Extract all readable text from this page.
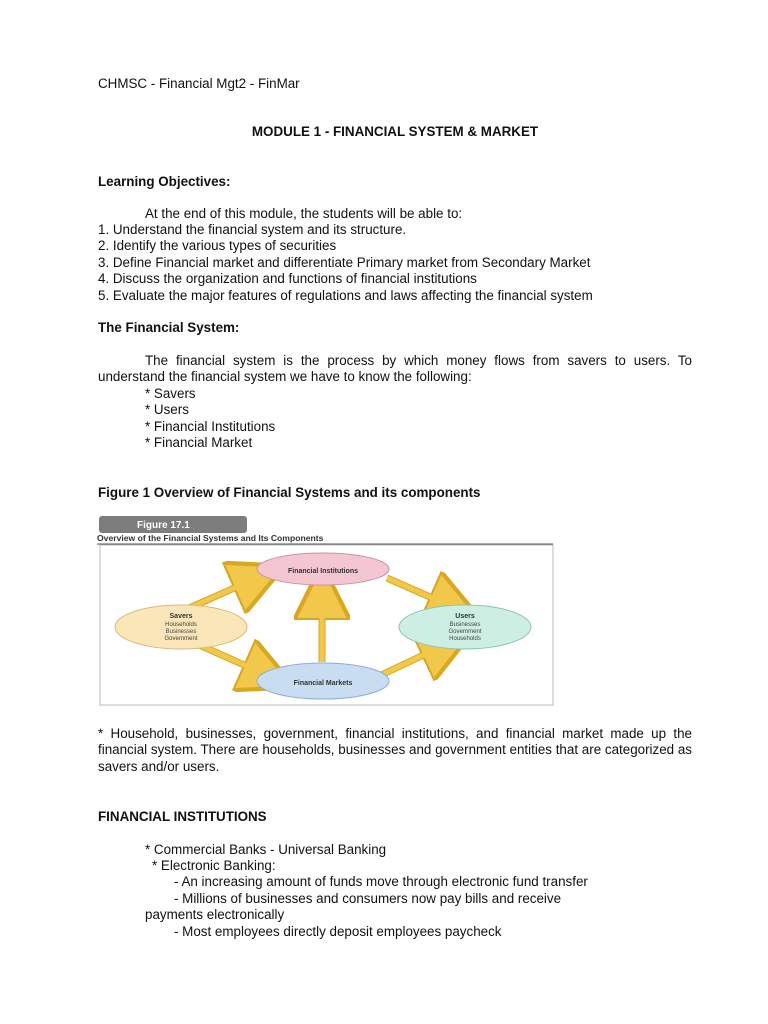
CHMSC - Financial Mgt2 - FinMar
MODULE 1 - FINANCIAL SYSTEM & MARKET
Learning Objectives:
At the end of this module, the students will be able to:
1. Understand the financial system and its structure.
2. Identify the various types of securities
3. Define Financial market and differentiate Primary market from Secondary Market
4. Discuss the organization and functions of financial institutions
5. Evaluate the major features of regulations and laws affecting the financial system
The Financial System:
The financial system is the process by which money flows from savers to users. To understand the financial system we have to know the following:
* Savers
* Users
* Financial Institutions
* Financial Market
Figure 1 Overview of Financial Systems and its components
Figure 17.1
Overview of the Financial Systems and Its Components
Financial Institutions
Savers
Households
Businesses
Government
Users
Businesses
Government
Households
Financial Markets
* Household, businesses, government, financial institutions, and financial market made up the financial system. There are households, businesses and government entities that are categorized as savers and/or users.
FINANCIAL INSTITUTIONS
* Commercial Banks - Universal Banking
* Electronic Banking:
- An increasing amount of funds move through electronic fund transfer
- Millions of businesses and consumers now pay bills and receive
payments electronically
- Most employees directly deposit employees paycheck
